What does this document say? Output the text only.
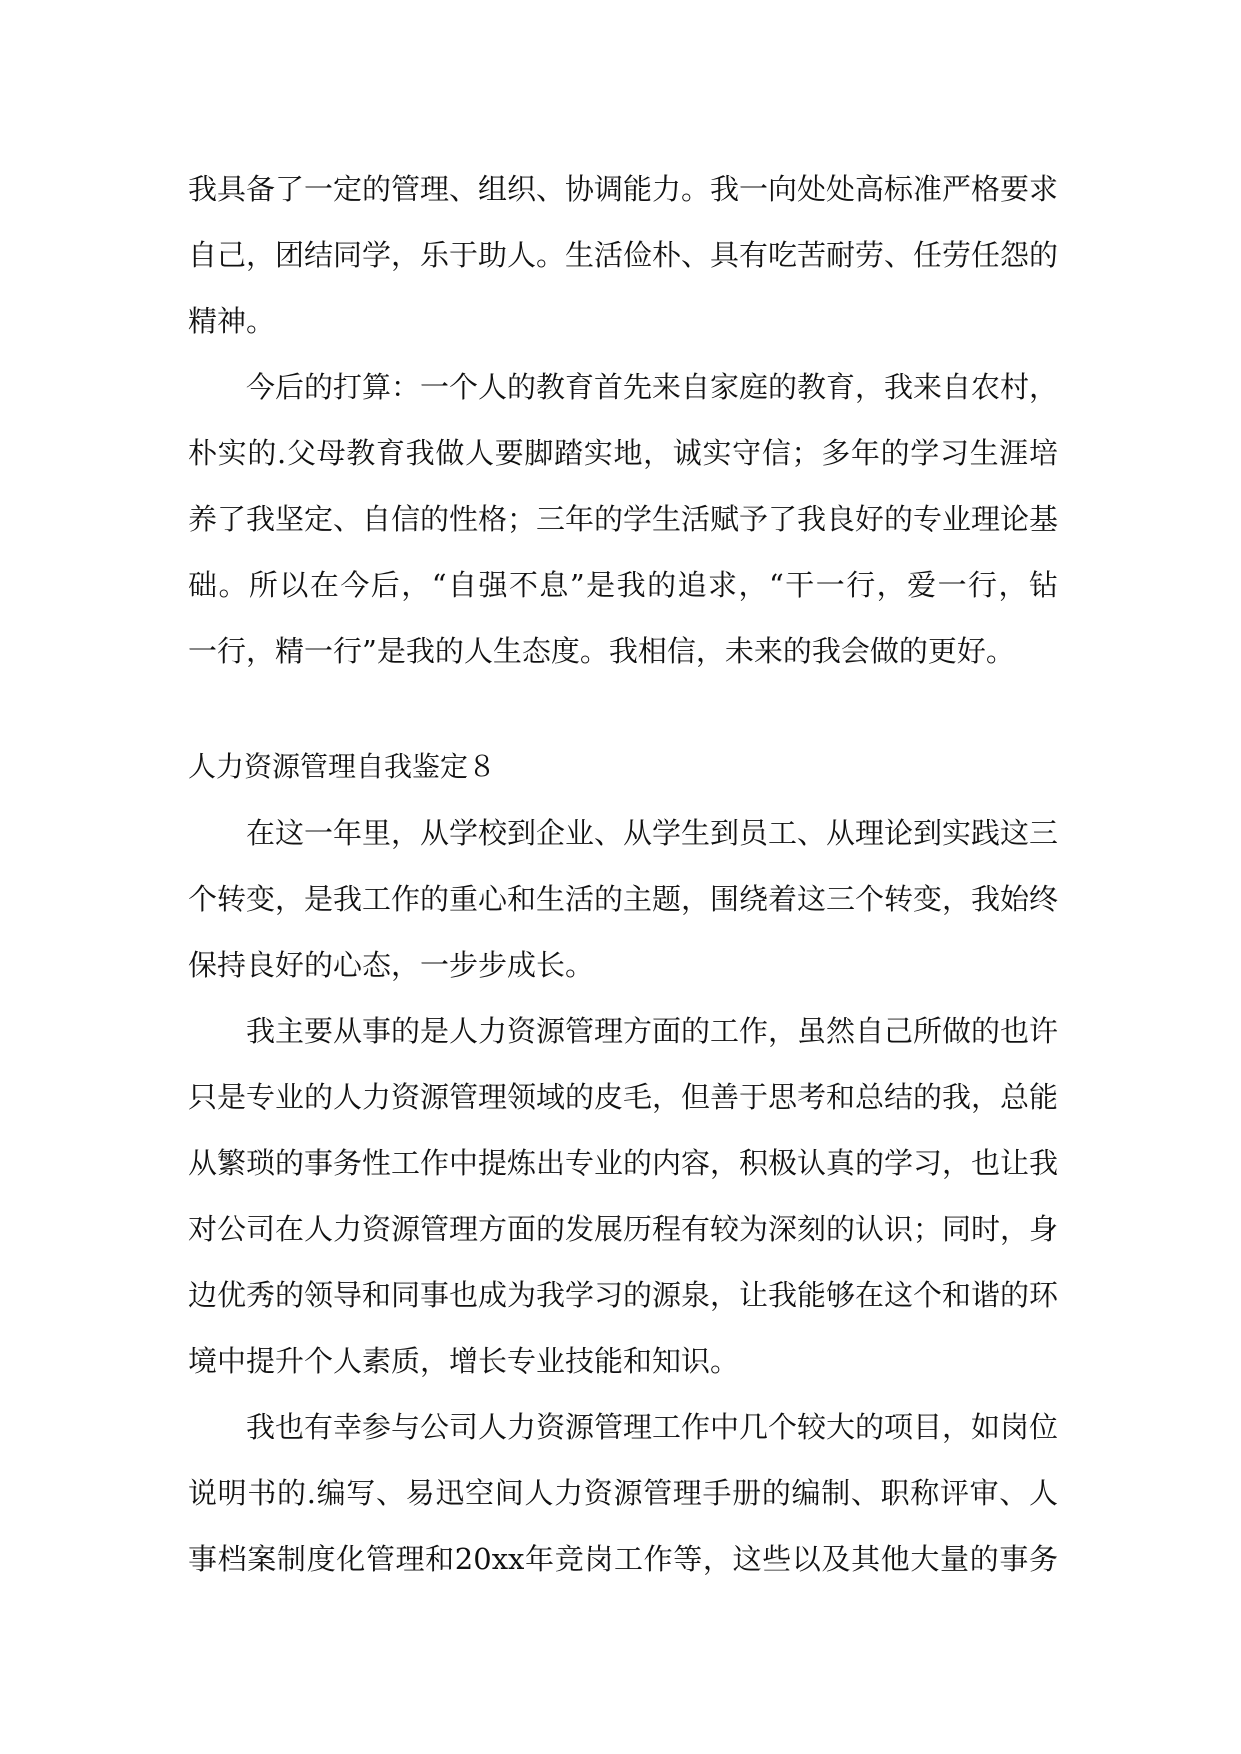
我具备了一定的管理、组织、协调能力。我一向处处高标准严格要求
自己，团结同学，乐于助人。生活俭朴、具有吃苦耐劳、任劳任怨的
精神。
今后的打算：一个人的教育首先来自家庭的教育，我来自农村，
朴实的.父母教育我做人要脚踏实地，诚实守信；多年的学习生涯培
养了我坚定、自信的性格；三年的学生活赋予了我良好的专业理论基
础。所以在今后，“自强不息”是我的追求，“干一行，爱一行，钻
一行，精一行”是我的人生态度。我相信，未来的我会做的更好。
人力资源管理自我鉴定８
在这一年里，从学校到企业、从学生到员工、从理论到实践这三
个转变，是我工作的重心和生活的主题，围绕着这三个转变，我始终
保持良好的心态，一步步成长。
我主要从事的是人力资源管理方面的工作，虽然自己所做的也许
只是专业的人力资源管理领域的皮毛，但善于思考和总结的我，总能
从繁琐的事务性工作中提炼出专业的内容，积极认真的学习，也让我
对公司在人力资源管理方面的发展历程有较为深刻的认识；同时，身
边优秀的领导和同事也成为我学习的源泉，让我能够在这个和谐的环
境中提升个人素质，增长专业技能和知识。
我也有幸参与公司人力资源管理工作中几个较大的项目，如岗位
说明书的.编写、易迅空间人力资源管理手册的编制、职称评审、人
事档案制度化管理和20xx年竞岗工作等，这些以及其他大量的事务
